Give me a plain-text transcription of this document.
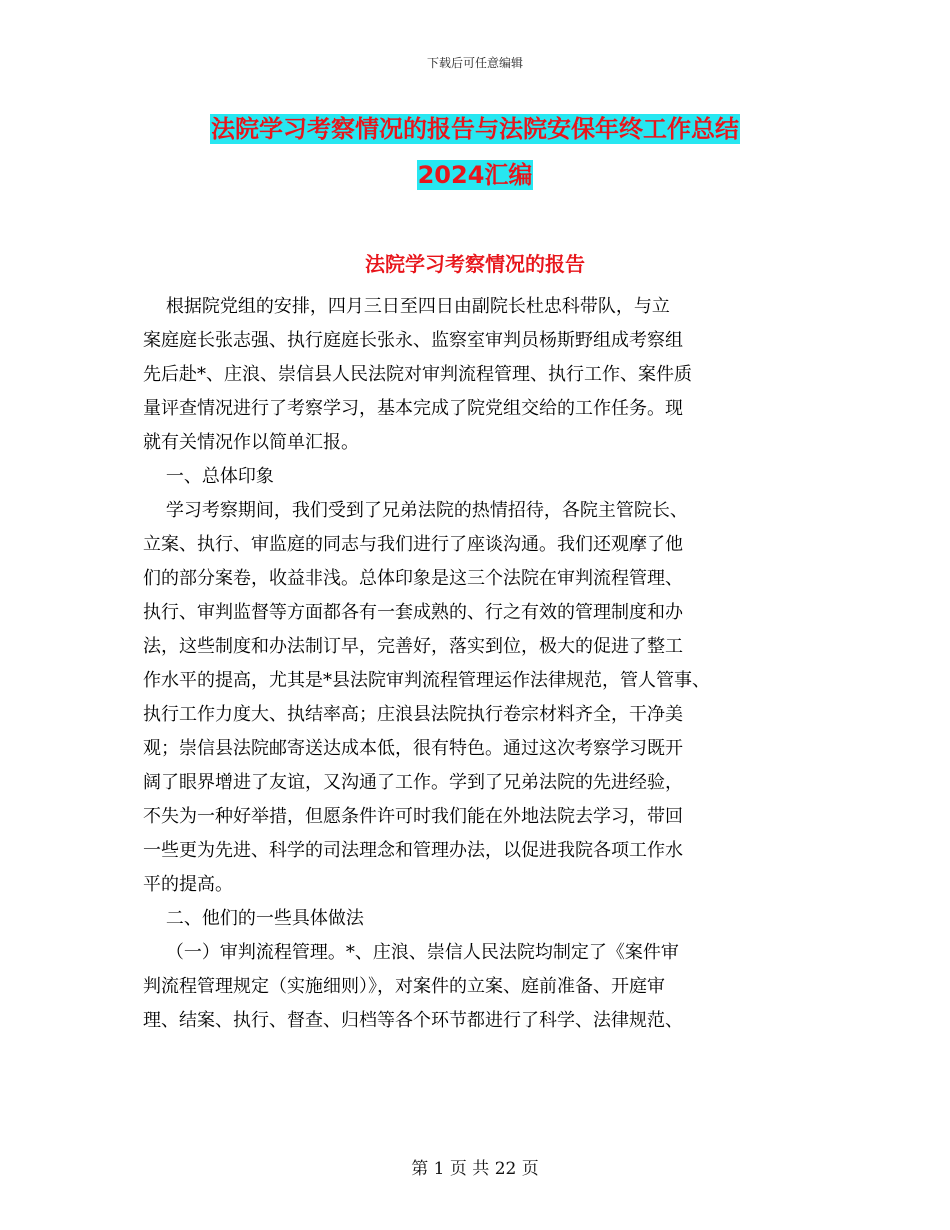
下载后可任意编辑
法院学习考察情况的报告与法院安保年终工作总结
2024汇编
法院学习考察情况的报告
根据院党组的安排，四月三日至四日由副院长杜忠科带队，与立
案庭庭长张志强、执行庭庭长张永、监察室审判员杨斯野组成考察组
先后赴*、庄浪、崇信县人民法院对审判流程管理、执行工作、案件质
量评查情况进行了考察学习，基本完成了院党组交给的工作任务。现
就有关情况作以简单汇报。
一、总体印象
学习考察期间，我们受到了兄弟法院的热情招待，各院主管院长、
立案、执行、审监庭的同志与我们进行了座谈沟通。我们还观摩了他
们的部分案卷，收益非浅。总体印象是这三个法院在审判流程管理、
执行、审判监督等方面都各有一套成熟的、行之有效的管理制度和办
法，这些制度和办法制订早，完善好，落实到位，极大的促进了整工
作水平的提高，尤其是*县法院审判流程管理运作法律规范，管人管事、
执行工作力度大、执结率高；庄浪县法院执行卷宗材料齐全，干净美
观；崇信县法院邮寄送达成本低，很有特色。通过这次考察学习既开
阔了眼界增进了友谊，又沟通了工作。学到了兄弟法院的先进经验，
不失为一种好举措，但愿条件许可时我们能在外地法院去学习，带回
一些更为先进、科学的司法理念和管理办法，以促进我院各项工作水
平的提高。
二、他们的一些具体做法
（一）审判流程管理。*、庄浪、崇信人民法院均制定了《案件审
判流程管理规定（实施细则）》，对案件的立案、庭前准备、开庭审
理、结案、执行、督查、归档等各个环节都进行了科学、法律规范、
第 1 页 共 22 页
